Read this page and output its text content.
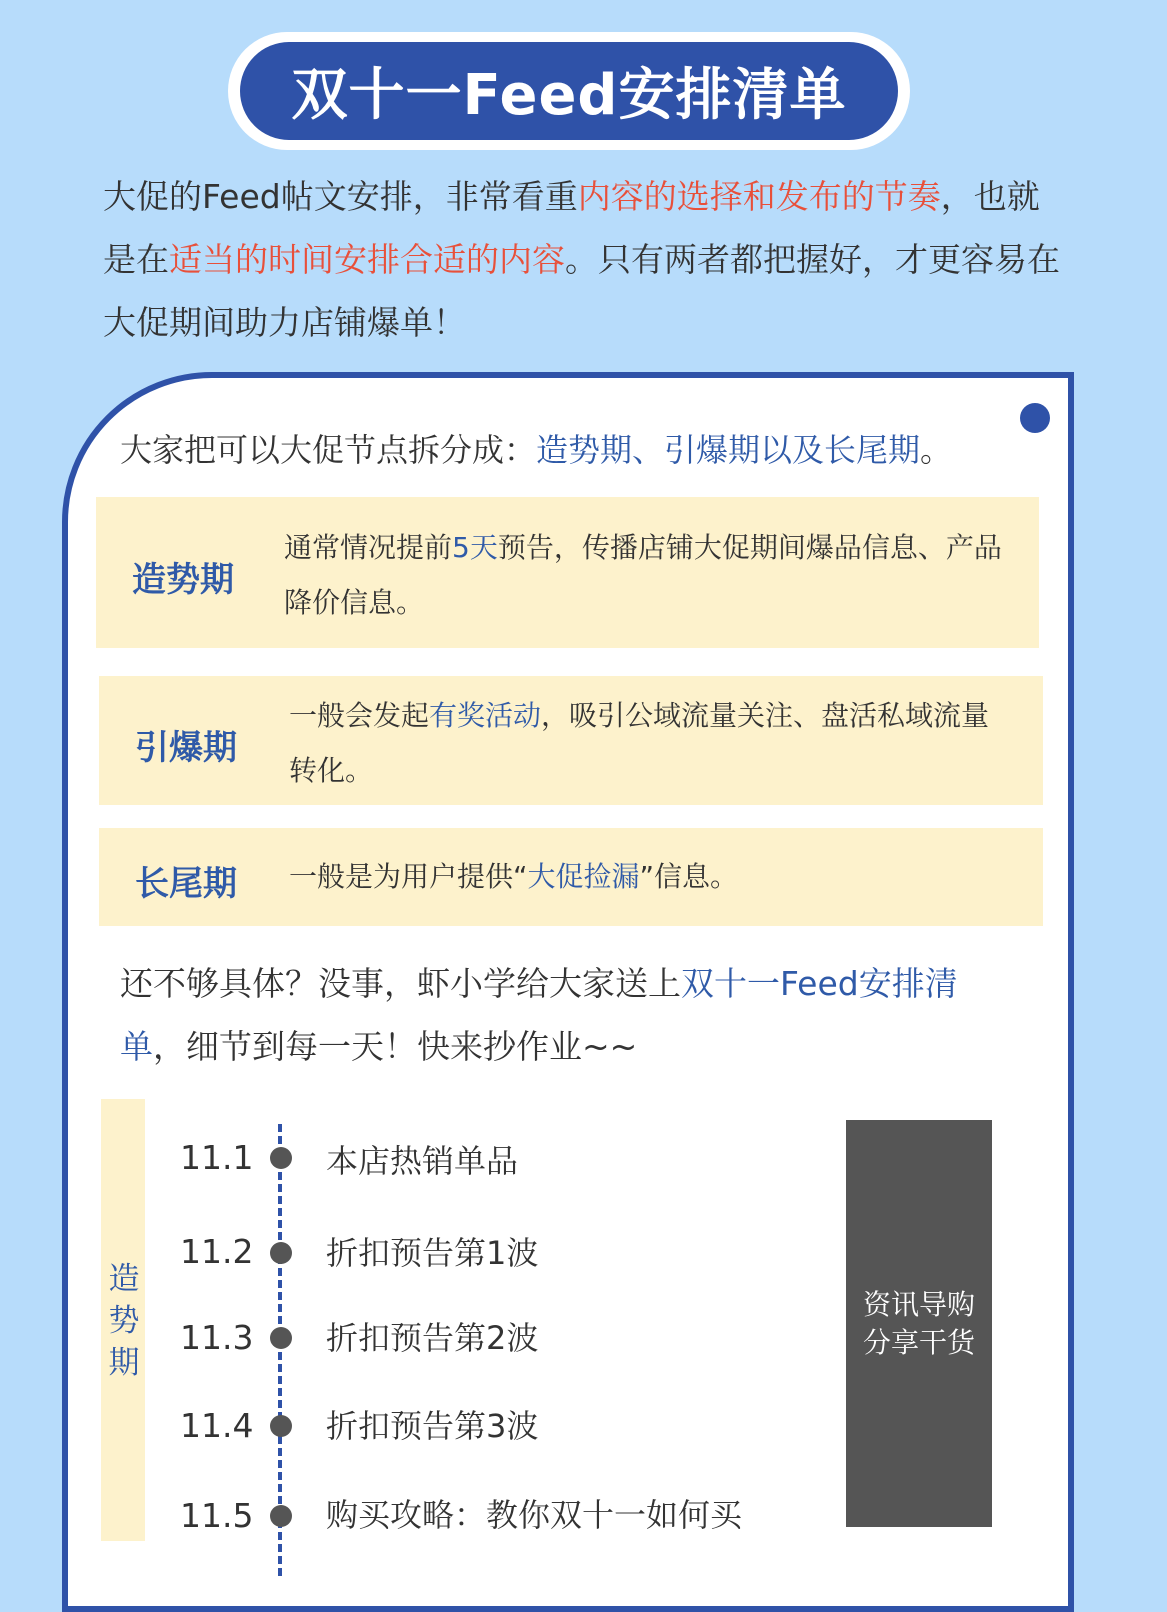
双十一Feed安排清单
大促的Feed帖文安排，非常看重内容的选择和发布的节奏，也就是在适当的时间安排合适的内容。只有两者都把握好，才更容易在大促期间助力店铺爆单！
大家把可以大促节点拆分成：造势期、引爆期以及长尾期。
造势期
通常情况提前5天预告，传播店铺大促期间爆品信息、产品降价信息。
引爆期
一般会发起有奖活动，吸引公域流量关注、盘活私域流量转化。
长尾期 一般是为用户提供“大促捡漏”信息。
还不够具体？没事，虾小学给大家送上双十一Feed安排清单，细节到每一天！快来抄作业~~
造势期
11.1 本店热销单品
11.2 折扣预告第1波
11.3 折扣预告第2波
11.4 折扣预告第3波
11.5 购买攻略：教你双十一如何买
资讯导购
分享干货
